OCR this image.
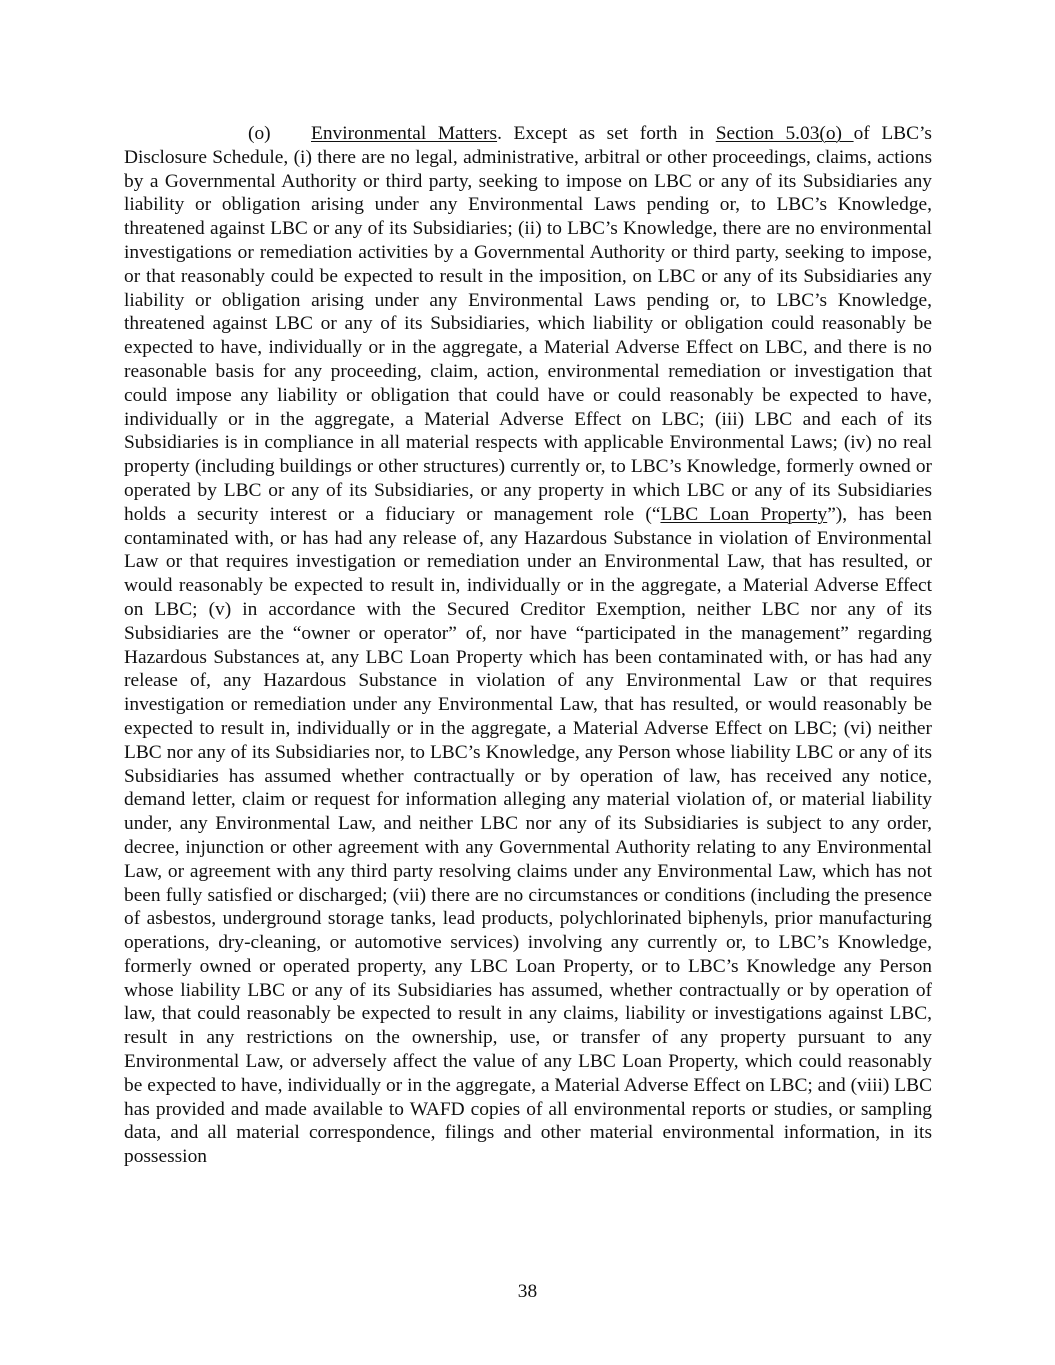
(o) Environmental Matters. Except as set forth in Section 5.03(o) of LBC’s Disclosure Schedule, (i) there are no legal, administrative, arbitral or other proceedings, claims, actions by a Governmental Authority or third party, seeking to impose on LBC or any of its Subsidiaries any liability or obligation arising under any Environmental Laws pending or, to LBC’s Knowledge, threatened against LBC or any of its Subsidiaries; (ii) to LBC’s Knowledge, there are no environmental investigations or remediation activities by a Governmental Authority or third party, seeking to impose, or that reasonably could be expected to result in the imposition, on LBC or any of its Subsidiaries any liability or obligation arising under any Environmental Laws pending or, to LBC’s Knowledge, threatened against LBC or any of its Subsidiaries, which liability or obligation could reasonably be expected to have, individually or in the aggregate, a Material Adverse Effect on LBC, and there is no reasonable basis for any proceeding, claim, action, environmental remediation or investigation that could impose any liability or obligation that could have or could reasonably be expected to have, individually or in the aggregate, a Material Adverse Effect on LBC; (iii) LBC and each of its Subsidiaries is in compliance in all material respects with applicable Environmental Laws; (iv) no real property (including buildings or other structures) currently or, to LBC’s Knowledge, formerly owned or operated by LBC or any of its Subsidiaries, or any property in which LBC or any of its Subsidiaries holds a security interest or a fiduciary or management role (“LBC Loan Property”), has been contaminated with, or has had any release of, any Hazardous Substance in violation of Environmental Law or that requires investigation or remediation under an Environmental Law, that has resulted, or would reasonably be expected to result in, individually or in the aggregate, a Material Adverse Effect on LBC; (v) in accordance with the Secured Creditor Exemption, neither LBC nor any of its Subsidiaries are the “owner or operator” of, nor have “participated in the management” regarding Hazardous Substances at, any LBC Loan Property which has been contaminated with, or has had any release of, any Hazardous Substance in violation of any Environmental Law or that requires investigation or remediation under any Environmental Law, that has resulted, or would reasonably be expected to result in, individually or in the aggregate, a Material Adverse Effect on LBC; (vi) neither LBC nor any of its Subsidiaries nor, to LBC’s Knowledge, any Person whose liability LBC or any of its Subsidiaries has assumed whether contractually or by operation of law, has received any notice, demand letter, claim or request for information alleging any material violation of, or material liability under, any Environmental Law, and neither LBC nor any of its Subsidiaries is subject to any order, decree, injunction or other agreement with any Governmental Authority relating to any Environmental Law, or agreement with any third party resolving claims under any Environmental Law, which has not been fully satisfied or discharged; (vii) there are no circumstances or conditions (including the presence of asbestos, underground storage tanks, lead products, polychlorinated biphenyls, prior manufacturing operations, dry-cleaning, or automotive services) involving any currently or, to LBC’s Knowledge, formerly owned or operated property, any LBC Loan Property, or to LBC’s Knowledge any Person whose liability LBC or any of its Subsidiaries has assumed, whether contractually or by operation of law, that could reasonably be expected to result in any claims, liability or investigations against LBC, result in any restrictions on the ownership, use, or transfer of any property pursuant to any Environmental Law, or adversely affect the value of any LBC Loan Property, which could reasonably be expected to have, individually or in the aggregate, a Material Adverse Effect on LBC; and (viii) LBC has provided and made available to WAFD copies of all environmental reports or studies, or sampling data, and all material correspondence, filings and other material environmental information, in its possession

38
